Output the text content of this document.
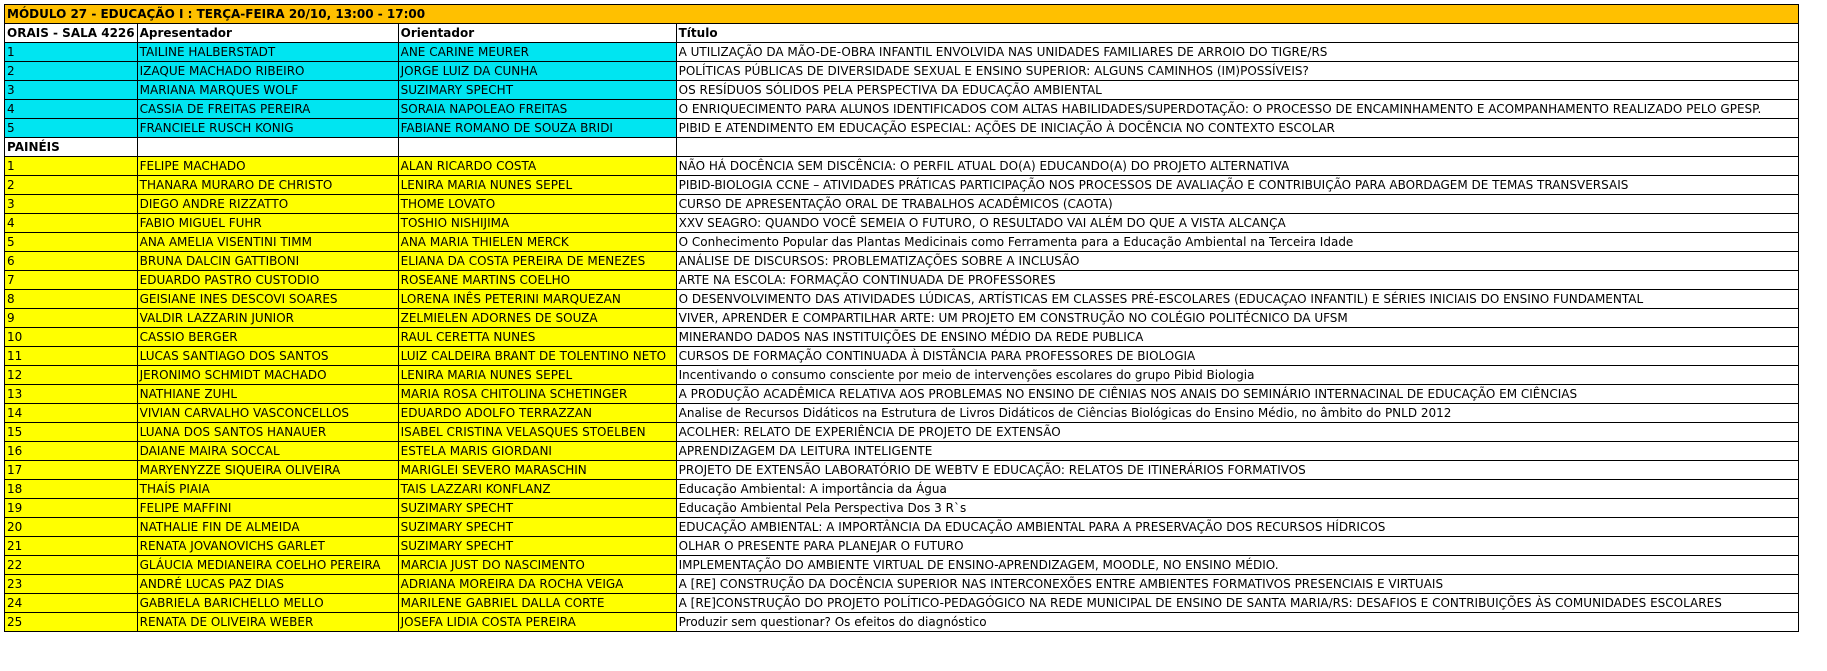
MÓDULO 27 - EDUCAÇÃO I : TERÇA-FEIRA 20/10, 13:00 - 17:00			
ORAIS - SALA 4226	Apresentador	Orientador	Título
1	TAILINE HALBERSTADT	ANE CARINE MEURER	A UTILIZAÇÃO DA MÃO-DE-OBRA INFANTIL ENVOLVIDA NAS UNIDADES FAMILIARES DE ARROIO DO TIGRE/RS
2	IZAQUE MACHADO RIBEIRO	JORGE LUIZ DA CUNHA	POLÍTICAS PÚBLICAS DE DIVERSIDADE SEXUAL E ENSINO SUPERIOR: ALGUNS CAMINHOS (IM)POSSÍVEIS?
3	MARIANA MARQUES WOLF	SUZIMARY SPECHT	OS RESÍDUOS SÓLIDOS PELA PERSPECTIVA DA EDUCAÇÃO AMBIENTAL
4	CASSIA DE FREITAS PEREIRA	SORAIA NAPOLEAO FREITAS	O ENRIQUECIMENTO PARA ALUNOS IDENTIFICADOS COM ALTAS HABILIDADES/SUPERDOTAÇÃO: O PROCESSO DE ENCAMINHAMENTO E ACOMPANHAMENTO REALIZADO PELO GPESP.
5	FRANCIELE RUSCH KONIG	FABIANE ROMANO DE SOUZA BRIDI	PIBID E ATENDIMENTO EM EDUCAÇÃO ESPECIAL: AÇÕES DE INICIAÇÃO À DOCÊNCIA NO CONTEXTO ESCOLAR
PAINÉIS			
1	FELIPE MACHADO	ALAN RICARDO COSTA	NÃO HÁ DOCÊNCIA SEM DISCÊNCIA: O PERFIL ATUAL DO(A) EDUCANDO(A) DO PROJETO ALTERNATIVA
2	THANARA MURARO DE CHRISTO	LENIRA MARIA NUNES SEPEL	PIBID-BIOLOGIA CCNE – ATIVIDADES PRÁTICAS PARTICIPAÇÃO NOS PROCESSOS DE AVALIAÇÃO E CONTRIBUIÇÃO PARA ABORDAGEM DE TEMAS TRANSVERSAIS
3	DIEGO ANDRE RIZZATTO	THOME LOVATO	CURSO DE APRESENTAÇÃO ORAL DE TRABALHOS ACADÊMICOS (CAOTA)
4	FABIO MIGUEL FUHR	TOSHIO NISHIJIMA	XXV SEAGRO: QUANDO VOCÊ SEMEIA O FUTURO, O RESULTADO VAI ALÉM DO QUE A VISTA ALCANÇA
5	ANA AMELIA VISENTINI TIMM	ANA MARIA THIELEN MERCK	O Conhecimento Popular das Plantas Medicinais como Ferramenta para a Educação Ambiental na Terceira Idade
6	BRUNA DALCIN GATTIBONI	ELIANA DA COSTA PEREIRA DE MENEZES	ANÁLISE DE DISCURSOS: PROBLEMATIZAÇÕES SOBRE A INCLUSÃO
7	EDUARDO PASTRO CUSTODIO	ROSEANE MARTINS COELHO	ARTE NA ESCOLA: FORMAÇÃO CONTINUADA DE PROFESSORES
8	GEISIANE INES DESCOVI SOARES	LORENA INÊS PETERINI MARQUEZAN	O DESENVOLVIMENTO DAS ATIVIDADES LÚDICAS, ARTÍSTICAS EM CLASSES PRÉ-ESCOLARES (EDUCAÇAO INFANTIL) E SÉRIES INICIAIS DO ENSINO FUNDAMENTAL
9	VALDIR LAZZARIN JUNIOR	ZELMIELEN ADORNES DE SOUZA	VIVER, APRENDER E COMPARTILHAR ARTE: UM PROJETO EM CONSTRUÇÃO NO COLÉGIO POLITÉCNICO DA UFSM
10	CASSIO BERGER	RAUL CERETTA NUNES	MINERANDO DADOS NAS INSTITUIÇÕES DE ENSINO MÉDIO DA REDE PUBLICA
11	LUCAS SANTIAGO DOS SANTOS	LUIZ CALDEIRA BRANT DE TOLENTINO NETO	CURSOS DE FORMAÇÃO CONTINUADA À DISTÂNCIA PARA PROFESSORES DE BIOLOGIA
12	JERONIMO SCHMIDT MACHADO	LENIRA MARIA NUNES SEPEL	Incentivando o consumo consciente por meio de intervenções escolares do grupo Pibid Biologia
13	NATHIANE ZUHL	MARIA ROSA CHITOLINA SCHETINGER	A PRODUÇÃO ACADÊMICA RELATIVA AOS PROBLEMAS NO ENSINO DE CIÊNIAS NOS ANAIS DO SEMINÁRIO INTERNACINAL DE EDUCAÇÃO EM CIÊNCIAS
14	VIVIAN CARVALHO VASCONCELLOS	EDUARDO ADOLFO TERRAZZAN	Analise de Recursos Didáticos na Estrutura de Livros Didáticos de Ciências Biológicas do Ensino Médio, no âmbito do PNLD 2012
15	LUANA DOS SANTOS HANAUER	ISABEL CRISTINA VELASQUES STOELBEN	ACOLHER: RELATO DE EXPERIÊNCIA DE PROJETO DE EXTENSÃO
16	DAIANE MAIRA SOCCAL	ESTELA MARIS GIORDANI	APRENDIZAGEM DA LEITURA INTELIGENTE
17	MARYENYZZE SIQUEIRA OLIVEIRA	MARIGLEI SEVERO MARASCHIN	PROJETO DE EXTENSÃO LABORATÓRIO DE WEBTV E EDUCAÇÃO: RELATOS DE ITINERÁRIOS FORMATIVOS
18	THAÍS PIAIA	TAIS LAZZARI KONFLANZ	Educação Ambiental: A importância da Água
19	FELIPE MAFFINI	SUZIMARY SPECHT	Educação Ambiental Pela Perspectiva Dos 3 R`s
20	NATHALIE FIN DE ALMEIDA	SUZIMARY SPECHT	EDUCAÇÃO AMBIENTAL: A IMPORTÂNCIA DA EDUCAÇÃO AMBIENTAL PARA A PRESERVAÇÃO DOS RECURSOS HÍDRICOS
21	RENATA JOVANOVICHS GARLET	SUZIMARY SPECHT	OLHAR O PRESENTE PARA PLANEJAR O FUTURO
22	GLÁUCIA MEDIANEIRA COELHO PEREIRA	MARCIA JUST DO NASCIMENTO	IMPLEMENTAÇÃO DO AMBIENTE VIRTUAL DE ENSINO-APRENDIZAGEM, MOODLE, NO ENSINO MÉDIO.
23	ANDRÉ LUCAS PAZ DIAS	ADRIANA MOREIRA DA ROCHA VEIGA	A [RE] CONSTRUÇÃO DA DOCÊNCIA SUPERIOR NAS INTERCONEXÕES ENTRE AMBIENTES FORMATIVOS PRESENCIAIS E VIRTUAIS
24	GABRIELA BARICHELLO MELLO	MARILENE GABRIEL DALLA CORTE	A [RE]CONSTRUÇÃO DO PROJETO POLÍTICO-PEDAGÓGICO NA REDE MUNICIPAL DE ENSINO DE SANTA MARIA/RS: DESAFIOS E CONTRIBUIÇÕES ÀS COMUNIDADES ESCOLARES
25	RENATA DE OLIVEIRA WEBER	JOSEFA LIDIA COSTA PEREIRA	Produzir sem questionar? Os efeitos do diagnóstico
